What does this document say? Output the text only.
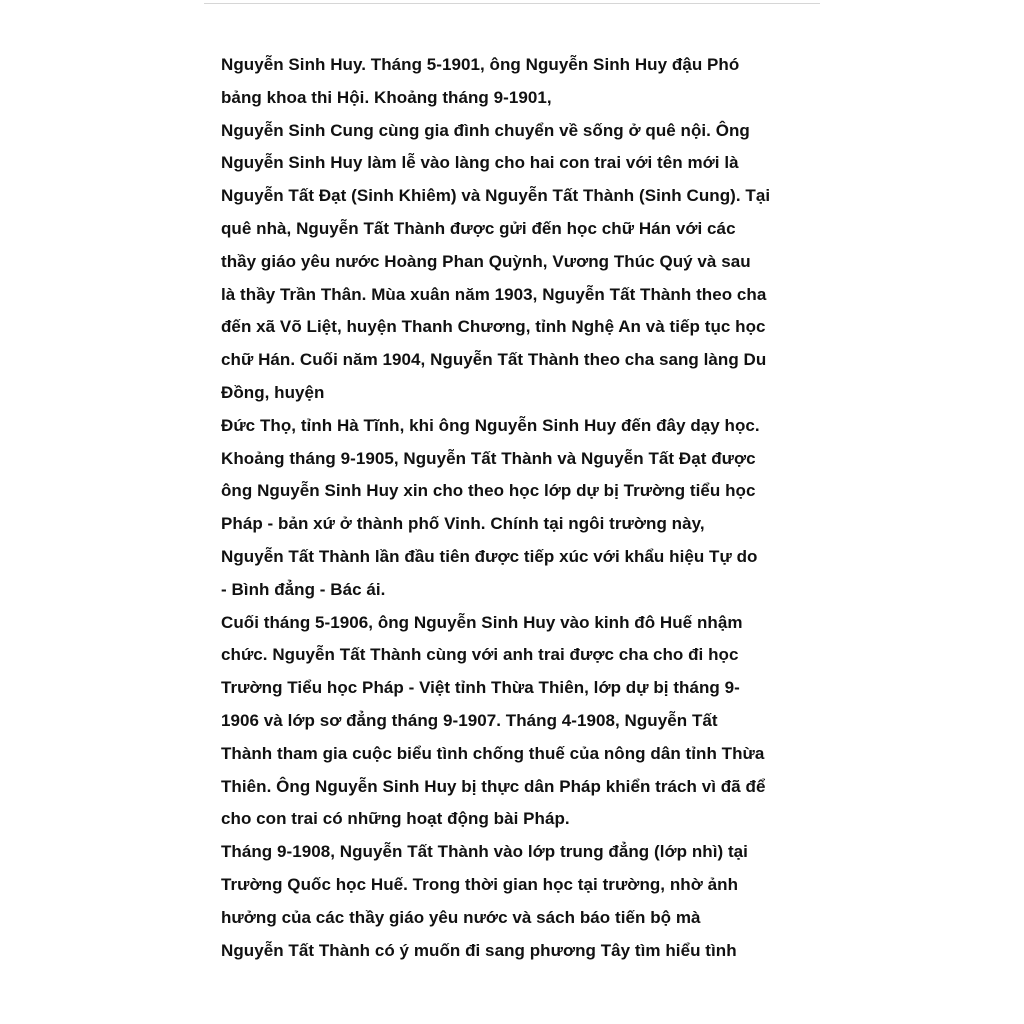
Nguyễn Sinh Huy. Tháng 5-1901, ông Nguyễn Sinh Huy đậu Phó
bảng khoa thi Hội. Khoảng tháng 9-1901,
Nguyễn Sinh Cung cùng gia đình chuyển về sống ở quê nội. Ông
Nguyễn Sinh Huy làm lễ vào làng cho hai con trai với tên mới là
Nguyễn Tất Đạt (Sinh Khiêm) và Nguyễn Tất Thành (Sinh Cung). Tại
quê nhà, Nguyễn Tất Thành được gửi đến học chữ Hán với các
thầy giáo yêu nước Hoàng Phan Quỳnh, Vương Thúc Quý và sau
là thầy Trần Thân. Mùa xuân năm 1903, Nguyễn Tất Thành theo cha
đến xã Võ Liệt, huyện Thanh Chương, tỉnh Nghệ An và tiếp tục học
chữ Hán. Cuối năm 1904, Nguyễn Tất Thành theo cha sang làng Du
Đồng, huyện
Đức Thọ, tỉnh Hà Tĩnh, khi ông Nguyễn Sinh Huy đến đây dạy học.
Khoảng tháng 9-1905, Nguyễn Tất Thành và Nguyễn Tất Đạt được
ông Nguyễn Sinh Huy xin cho theo học lớp dự bị Trường tiểu học
Pháp - bản xứ ở thành phố Vinh. Chính tại ngôi trường này,
Nguyễn Tất Thành lần đầu tiên được tiếp xúc với khẩu hiệu Tự do
- Bình đẳng - Bác ái.
Cuối tháng 5-1906, ông Nguyễn Sinh Huy vào kinh đô Huế nhậm
chức. Nguyễn Tất Thành cùng với anh trai được cha cho đi học
Trường Tiểu học Pháp - Việt tỉnh Thừa Thiên, lớp dự bị tháng 9-
1906 và lớp sơ đẳng tháng 9-1907. Tháng 4-1908, Nguyễn Tất
Thành tham gia cuộc biểu tình chống thuế của nông dân tỉnh Thừa
Thiên. Ông Nguyễn Sinh Huy bị thực dân Pháp khiển trách vì đã để
cho con trai có những hoạt động bài Pháp.
Tháng 9-1908, Nguyễn Tất Thành vào lớp trung đẳng (lớp nhì) tại
Trường Quốc học Huế. Trong thời gian học tại trường, nhờ ảnh
hưởng của các thầy giáo yêu nước và sách báo tiến bộ mà
Nguyễn Tất Thành có ý muốn đi sang phương Tây tìm hiểu tình
